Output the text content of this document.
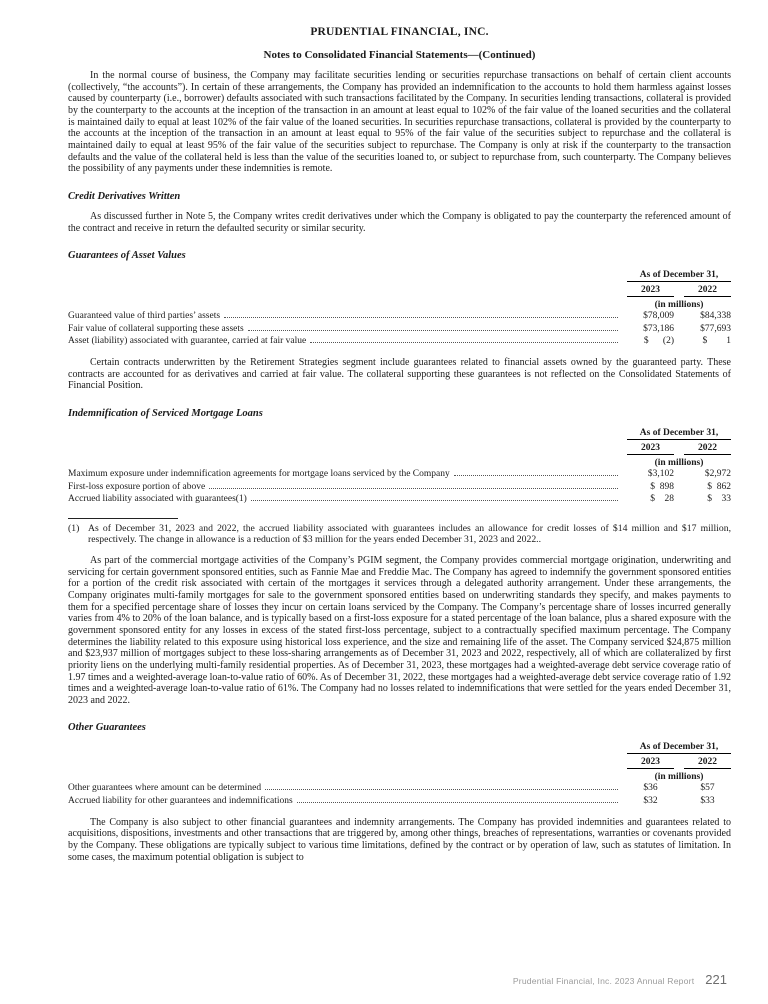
PRUDENTIAL FINANCIAL, INC.
Notes to Consolidated Financial Statements—(Continued)

In the normal course of business, the Company may facilitate securities lending or securities repurchase transactions on behalf of certain client accounts (collectively, “the accounts”). In certain of these arrangements, the Company has provided an indemnification to the accounts to hold them harmless against losses caused by counterparty (i.e., borrower) defaults associated with such transactions facilitated by the Company. In securities lending transactions, collateral is provided by the counterparty to the accounts at the inception of the transaction in an amount at least equal to 102% of the fair value of the loaned securities and the collateral is maintained daily to equal at least 102% of the fair value of the loaned securities. In securities repurchase transactions, collateral is provided by the counterparty to the accounts at the inception of the transaction in an amount at least equal to 95% of the fair value of the securities subject to repurchase and the collateral is maintained daily to equal at least 95% of the fair value of the securities subject to repurchase. The Company is only at risk if the counterparty to the transaction defaults and the value of the collateral held is less than the value of the securities loaned to, or subject to repurchase from, such counterparty. The Company believes the possibility of any payments under these indemnities is remote.

Credit Derivatives Written

As discussed further in Note 5, the Company writes credit derivatives under which the Company is obligated to pay the counterparty the referenced amount of the contract and receive in return the defaulted security or similar security.

Guarantees of Asset Values
As of December 31,
2023	2022
(in millions)
Guaranteed value of third parties’ assets	$78,009	$84,338
Fair value of collateral supporting these assets	$73,186	$77,693
Asset (liability) associated with guarantee, carried at fair value	$      (2)	$        1

Certain contracts underwritten by the Retirement Strategies segment include guarantees related to financial assets owned by the guaranteed party. These contracts are accounted for as derivatives and carried at fair value. The collateral supporting these guarantees is not reflected on the Consolidated Statements of Financial Position.

Indemnification of Serviced Mortgage Loans
As of December 31,
2023	2022
(in millions)
Maximum exposure under indemnification agreements for mortgage loans serviced by the Company	$3,102	$2,972
First-loss exposure portion of above	$  898	$  862
Accrued liability associated with guarantees(1)	$    28	$    33
(1) As of December 31, 2023 and 2022, the accrued liability associated with guarantees includes an allowance for credit losses of $14 million and $17 million, respectively. The change in allowance is a reduction of $3 million for the years ended December 31, 2023 and 2022..

As part of the commercial mortgage activities of the Company’s PGIM segment, the Company provides commercial mortgage origination, underwriting and servicing for certain government sponsored entities, such as Fannie Mae and Freddie Mac. The Company has agreed to indemnify the government sponsored entities for a portion of the credit risk associated with certain of the mortgages it services through a delegated authority arrangement. Under these arrangements, the Company originates multi-family mortgages for sale to the government sponsored entities based on underwriting standards they specify, and makes payments to them for a specified percentage share of losses they incur on certain loans serviced by the Company. The Company’s percentage share of losses incurred generally varies from 4% to 20% of the loan balance, and is typically based on a first-loss exposure for a stated percentage of the loan balance, plus a shared exposure with the government sponsored entity for any losses in excess of the stated first-loss percentage, subject to a contractually specified maximum percentage. The Company determines the liability related to this exposure using historical loss experience, and the size and remaining life of the asset. The Company serviced $24,875 million and $23,937 million of mortgages subject to these loss-sharing arrangements as of December 31, 2023 and 2022, respectively, all of which are collateralized by first priority liens on the underlying multi-family residential properties. As of December 31, 2023, these mortgages had a weighted-average debt service coverage ratio of 1.97 times and a weighted-average loan-to-value ratio of 60%. As of December 31, 2022, these mortgages had a weighted-average debt service coverage ratio of 1.92 times and a weighted-average loan-to-value ratio of 61%. The Company had no losses related to indemnifications that were settled for the years ended December 31, 2023 and 2022.

Other Guarantees
As of December 31,
2023	2022
(in millions)
Other guarantees where amount can be determined	$36	$57
Accrued liability for other guarantees and indemnifications	$32	$33

The Company is also subject to other financial guarantees and indemnity arrangements. The Company has provided indemnities and guarantees related to acquisitions, dispositions, investments and other transactions that are triggered by, among other things, breaches of representations, warranties or covenants provided by the Company. These obligations are typically subject to various time limitations, defined by the contract or by operation of law, such as statutes of limitation. In some cases, the maximum potential obligation is subject to

Prudential Financial, Inc. 2023 Annual Report 221
